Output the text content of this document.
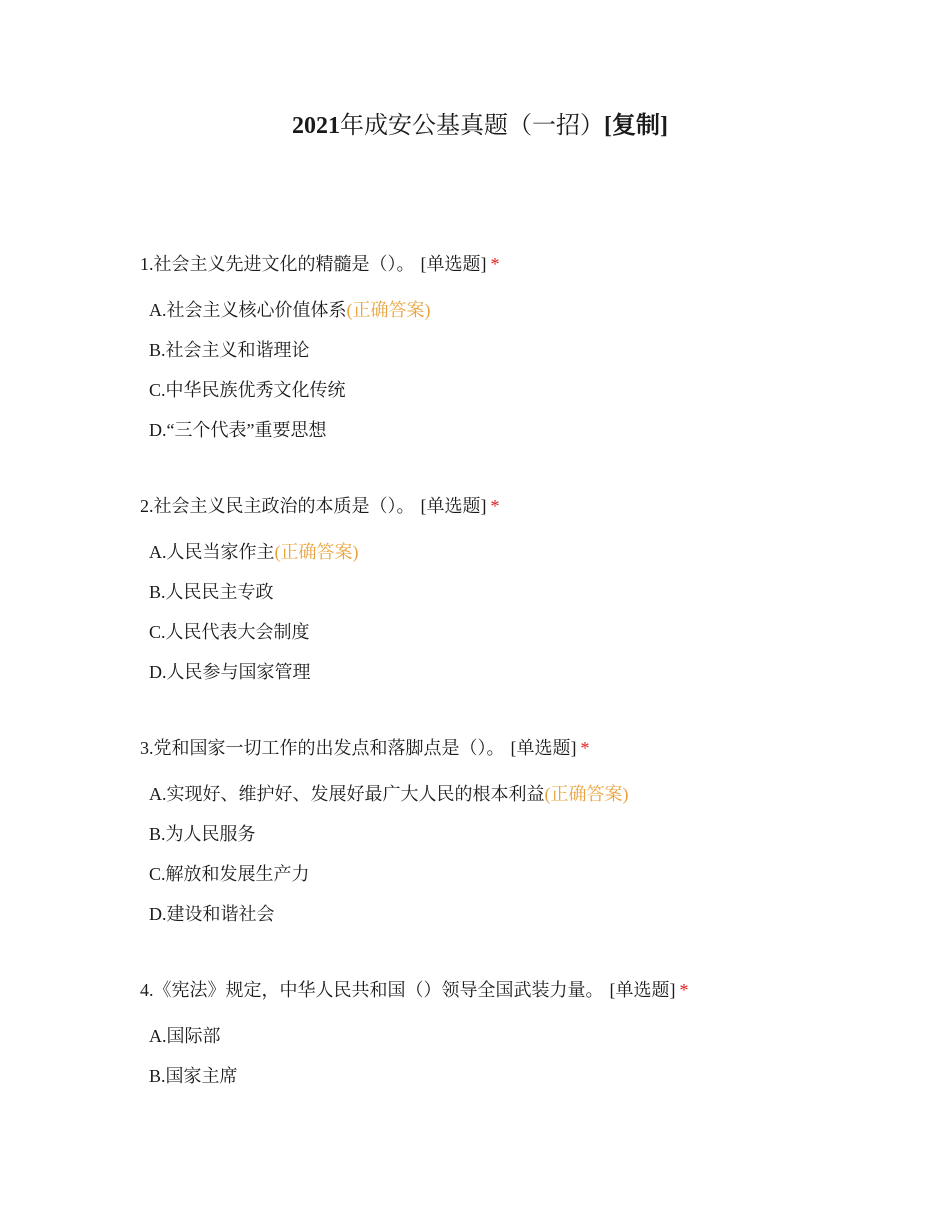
2021年成安公基真题（一招）[复制]
1.社会主义先进文化的精髓是（）。 [单选题] *
A.社会主义核心价值体系(正确答案)
B.社会主义和谐理论
C.中华民族优秀文化传统
D.“三个代表”重要思想
2.社会主义民主政治的本质是（）。 [单选题] *
A.人民当家作主(正确答案)
B.人民民主专政
C.人民代表大会制度
D.人民参与国家管理
3.党和国家一切工作的出发点和落脚点是（）。 [单选题] *
A.实现好、维护好、发展好最广大人民的根本利益(正确答案)
B.为人民服务
C.解放和发展生产力
D.建设和谐社会
4.《宪法》规定，中华人民共和国（）领导全国武装力量。 [单选题] *
A.国际部
B.国家主席
